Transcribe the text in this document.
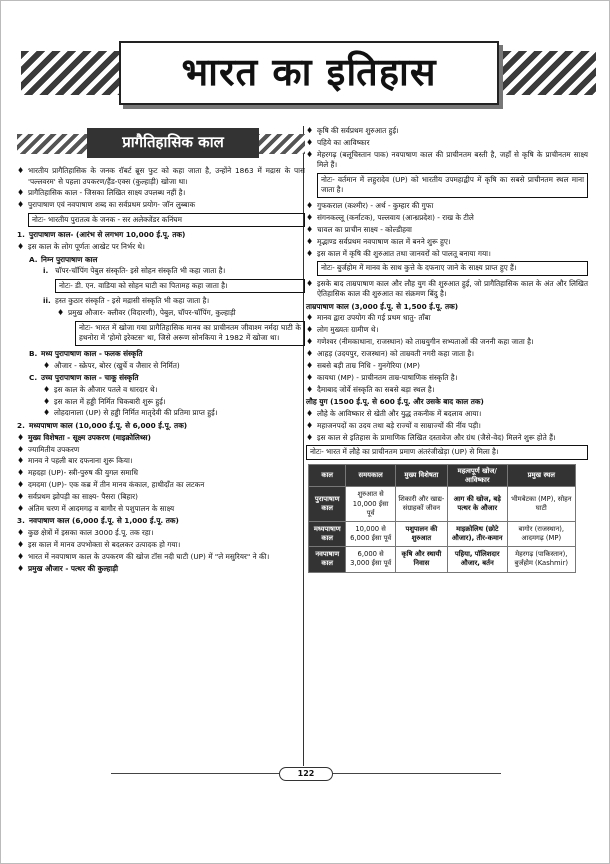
भारत का इतिहास
प्रागैतिहासिक काल
♦ भारतीय प्रागैतिहासिक के जनक रॉबर्ट ब्रूस फुट को कहा जाता है, उन्होंने 1863 में मद्रास के पास 'पल्लवरम' से पहला उपकरण/हैंड-एक्स (कुल्हाड़ी) खोजा था।
♦ प्रागैतिहासिक काल - जिसका लिखित साक्ष्य उपलब्ध नहीं है।
♦ पुरापाषाण एवं नवपाषाण शब्द का सर्वप्रथम प्रयोग- जॉन लुब्बाक
नोटः- भारतीय पुरातत्व के जनक - सर अलेक्जेंडर कनिंघम
1. पुरापाषाण काल- (आरंभ से लगभग 10,000 ई.पू. तक)
♦ इस काल के लोग पूर्णतः आखेट पर निर्भर थे।
A. निम्न पुरापाषाण काल
i. चॉपर-चॉपिंग पेबुल संस्कृति- इसे सोहन संस्कृति भी कहा जाता है।
नोटः- डी. एन. वाडिया को सोहन घाटी का पितामह कहा जाता है।
ii. हस्त कुठार संस्कृति - इसे मद्रासी संस्कृति भी कहा जाता है।
♦ प्रमुख औजार- क्लीवर (विदारणी), पेबुल, चॉपर-चॉपिंग, कुल्हाड़ी
नोटः- भारत में खोजा गया प्रागैतिहासिक मानव का प्राचीनतम जीवाश्म नर्मदा घाटी के हथनोरा में 'होमो इरेक्टस' था, जिसे अरूण सोनकिया ने 1982 में खोजा था।
B. मध्य पुरापाषाण काल - फलक संस्कृति
♦ औजार - स्क्रेपर, बोरर (खुर्चे व जैसार से निर्मित)
C. उच्च पुरापाषाण काल - चाकू संस्कृति
♦ इस काल के औजार पतले व धारदार थे।
♦ इस काल में हड्डी निर्मित चिकबारी शुरू हुई।
♦ लोहदानाला (UP) से हड्डी निर्मित मातृदेवी की प्रतिमा प्राप्त हुई।
2. मध्यपाषाण काल (10,000 ई.पू. से 6,000 ई.पू. तक)
♦ मुख्य विशेषता - सूक्ष्म उपकरण (माइक्रोलिथ्स)
♦ ज्यामितीय उपकरण
♦ मानव ने पहली बार दफनाना शुरू किया।
♦ महदहा (UP)- स्त्री-पुरुष की युगल समाधि
♦ दमदमा (UP)- एक कब्र में तीन मानव कंकाल, हाथीदाँत का लटकन
♦ सर्वप्रथम झोपड़ी का साक्ष्य- पैसरा (बिहार)
♦ अंतिम चरण में आदमगढ़ व बागौर से पशुपालन के साक्ष्य
3. नवपाषाण काल (6,000 ई.पू. से 1,000 ई.पू. तक)
♦ कुछ क्षेत्रों में इसका काल 3000 ई.पू. तक रहा।
♦ इस काल में मानव उपभोक्ता से बदलकर उत्पादक हो गया।
♦ भारत में नवपाषाण काल के उपकरण की खोज टॉस नदी घाटी (UP) में "ले मसुरियर" ने की।
♦ प्रमुख औजार - पत्थर की कुल्हाड़ी
♦ कृषि की सर्वप्रथम शुरुआत हुई।
♦ पहिये का आविष्कार
♦ मेहरगढ़ (बलूचिस्तान पाक) नवपाषाण काल की प्राचीनतम बस्ती है, जहाँ से कृषि के प्राचीनतम साक्ष्य मिले हैं।
नोटः- वर्तमान में लहुरादेव (UP) को भारतीय उपमहाद्वीप में कृषि का सबसे प्राचीनतम स्थल माना जाता है।
♦ गुफकराल (कश्मीर) - अर्थ - कुम्हार की गुफा
♦ संगनकल्लू (कर्नाटक), पल्लवाय (आन्ध्रप्रदेश) - राख के टीले
♦ चावल का प्राचीन साक्ष्य - कोल्डीहवा
♦ मृद्भाण्ड सर्वप्रथम नवपाषाण काल में बनने शुरू हुए।
♦ इस काल में कृषि की शुरुआत तथा जानवरों को पालतू बनाया गया।
नोटः- बुर्जहोम में मानव के साथ कुत्ते के दफनाए जाने के साक्ष्य प्राप्त हुए हैं।
♦ इसके बाद ताम्रपाषाण काल और लौह युग की शुरुआत हुई, जो प्रागैतिहासिक काल के अंत और लिखित ऐतिहासिक काल की शुरुआत का संक्रमण बिंदु है।
ताम्रपाषाण काल (3,000 ई.पू. से 1,500 ई.पू. तक)
♦ मानव द्वारा उपयोग की गई प्रथम धातु- ताँबा
♦ लोग मुख्यतः ग्रामीण थे।
♦ गणेश्वर (नीमकाथाना, राजस्थान) को ताम्रयुगीन सभ्यताओं की जननी कहा जाता है।
♦ आहड़ (उदयपुर, राजस्थान) को ताम्रवती नगरी कहा जाता है।
♦ सबसे बड़ी ताम्र निधि - गुनगेरिया (MP)
♦ कायथा (MP) - प्राचीनतम ताम्र-पाषाणिक संस्कृति है।
♦ दैमाबाद जोर्वे संस्कृति का सबसे बड़ा स्थल है।
लौह युग (1500 ई.पू. से 600 ई.पू. और उसके बाद काल तक)
♦ लौहे के आविष्कार से खेती और युद्ध तकनीक में बदलाव आया।
♦ महाजनपदों का उदय तथा बड़े राज्यों व साम्राज्यों की नींव पड़ी।
♦ इस काल से इतिहास के प्रामाणिक लिखित दस्तावेज और ग्रंथ (जैसे-वेद) मिलने शुरू होते हैं।
नोटः- भारत में लौहे का प्राचीनतम प्रमाण अंतरंजीखेड़ा (UP) से मिला है।
काल	समयकाल	मुख्य विशेषता	महत्वपूर्ण खोज/आविष्कार	प्रमुख स्थल
पुरापाषाण काल	शुरुआत से 10,000 ईसा पूर्व	शिकारी और खाद्य-संग्राहकों जीवन	आग की खोज, बड़े पत्थर के औजार	भीमबेटका (MP), सोहन घाटी
मध्यपाषाण काल	10,000 से 6,000 ईसा पूर्व	पशुपालन की शुरुआत	माइक्रोलिथ (छोटे औजार), तीर-कमान	बागोर (राजस्थान), आदमगढ़ (MP)
नवपाषाण काल	6,000 से 3,000 ईसा पूर्व	कृषि और स्थायी निवास	पहिया, पॉलिशदार औजार, बर्तन	मेहरगढ़ (पाकिस्तान), बुर्जहोम (Kashmir)
122
